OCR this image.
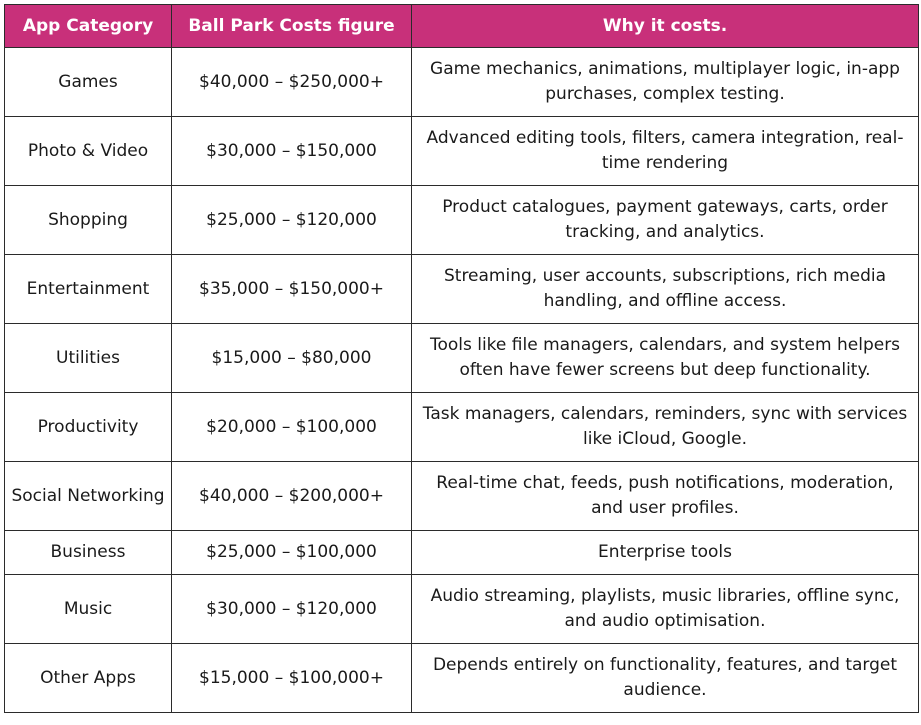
App Category	Ball Park Costs figure	Why it costs.
Games	$40,000 – $250,000+	Game mechanics, animations, multiplayer logic, in-app purchases, complex testing.
Photo & Video	$30,000 – $150,000	Advanced editing tools, filters, camera integration, real-time rendering
Shopping	$25,000 – $120,000	Product catalogues, payment gateways, carts, order tracking, and analytics.
Entertainment	$35,000 – $150,000+	Streaming, user accounts, subscriptions, rich media handling, and offline access.
Utilities	$15,000 – $80,000	Tools like file managers, calendars, and system helpers often have fewer screens but deep functionality.
Productivity	$20,000 – $100,000	Task managers, calendars, reminders, sync with services like iCloud, Google.
Social Networking	$40,000 – $200,000+	Real-time chat, feeds, push notifications, moderation, and user profiles.
Business	$25,000 – $100,000	Enterprise tools
Music	$30,000 – $120,000	Audio streaming, playlists, music libraries, offline sync, and audio optimisation.
Other Apps	$15,000 – $100,000+	Depends entirely on functionality, features, and target audience.
